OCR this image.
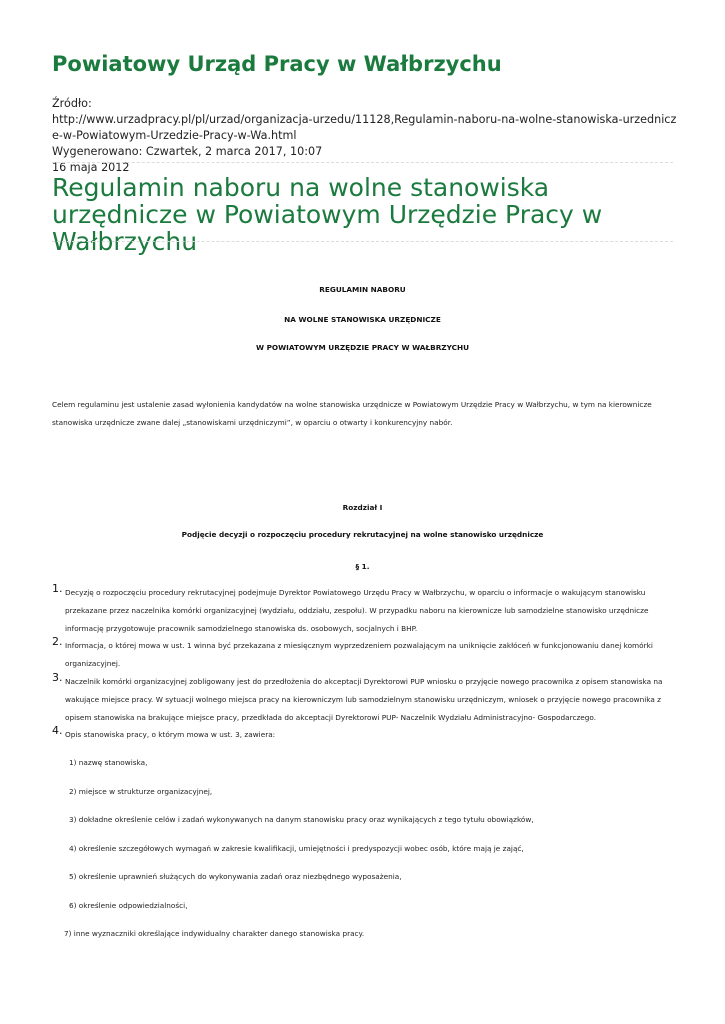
Powiatowy Urząd Pracy w Wałbrzychu
Źródło:
http://www.urzadpracy.pl/pl/urzad/organizacja-urzedu/11128,Regulamin-naboru-na-wolne-stanowiska-urzednicze-w-Powiatowym-Urzedzie-Pracy-w-Wa.html
Wygenerowano: Czwartek, 2 marca 2017, 10:07
16 maja 2012
Regulamin naboru na wolne stanowiska urzędnicze w Powiatowym Urzędzie Pracy w Wałbrzychu
REGULAMIN NABORU
NA WOLNE STANOWISKA URZĘDNICZE
W POWIATOWYM URZĘDZIE PRACY W WAŁBRZYCHU
Celem regulaminu jest ustalenie zasad wyłonienia kandydatów na wolne stanowiska urzędnicze w Powiatowym Urzędzie Pracy w Wałbrzychu, w tym na kierownicze stanowiska urzędnicze zwane dalej „stanowiskami urzędniczymi”, w oparciu o otwarty i konkurencyjny nabór.
Rozdział I
Podjęcie decyzji o rozpoczęciu procedury rekrutacyjnej na wolne stanowisko urzędnicze
§ 1.
1. Decyzję o rozpoczęciu procedury rekrutacyjnej podejmuje Dyrektor Powiatowego Urzędu Pracy w Wałbrzychu, w oparciu o informacje o wakującym stanowisku przekazane przez naczelnika komórki organizacyjnej (wydziału, oddziału, zespołu). W przypadku naboru na kierownicze lub samodzielne stanowisko urzędnicze informację przygotowuje pracownik samodzielnego stanowiska ds. osobowych, socjalnych i BHP.
2. Informacja, o której mowa w ust. 1 winna być przekazana z miesięcznym wyprzedzeniem pozwalającym na uniknięcie zakłóceń w funkcjonowaniu danej komórki organizacyjnej.
3. Naczelnik komórki organizacyjnej zobligowany jest do przedłożenia do akceptacji Dyrektorowi PUP wniosku o przyjęcie nowego pracownika z opisem stanowiska na wakujące miejsce pracy. W sytuacji wolnego miejsca pracy na kierowniczym lub samodzielnym stanowisku urzędniczym, wniosek o przyjęcie nowego pracownika z opisem stanowiska na brakujące miejsce pracy, przedkłada do akceptacji Dyrektorowi PUP- Naczelnik Wydziału Administracyjno- Gospodarczego.
4. Opis stanowiska pracy, o którym mowa w ust. 3, zawiera:
1) nazwę stanowiska,
2) miejsce w strukturze organizacyjnej,
3) dokładne określenie celów i zadań wykonywanych na danym stanowisku pracy oraz wynikających z tego tytułu obowiązków,
4) określenie szczegółowych wymagań w zakresie kwalifikacji, umiejętności i predyspozycji wobec osób, które mają je zająć,
5) określenie uprawnień służących do wykonywania zadań oraz niezbędnego wyposażenia,
6) określenie odpowiedzialności,
7) inne wyznaczniki określające indywidualny charakter danego stanowiska pracy.
